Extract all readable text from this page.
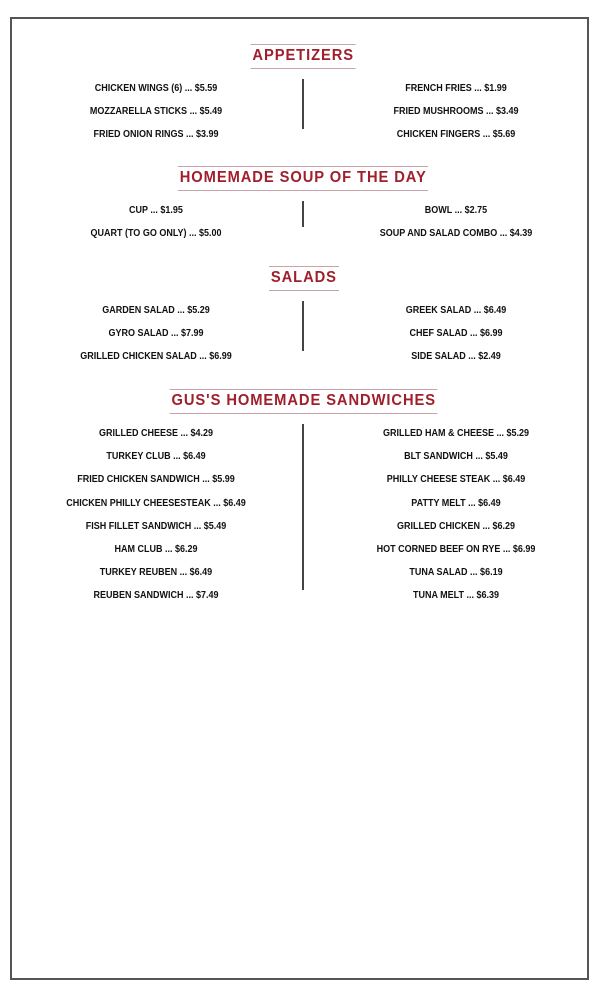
APPETIZERS
CHICKEN WINGS (6) ... $5.59
MOZZARELLA STICKS ... $5.49
FRIED ONION RINGS ... $3.99
FRENCH FRIES ... $1.99
FRIED MUSHROOMS ... $3.49
CHICKEN FINGERS ... $5.69
HOMEMADE SOUP OF THE DAY
CUP ... $1.95
QUART (TO GO ONLY) ... $5.00
BOWL ... $2.75
SOUP AND SALAD COMBO ... $4.39
SALADS
GARDEN SALAD ... $5.29
GYRO SALAD ... $7.99
GRILLED CHICKEN SALAD ... $6.99
GREEK SALAD ... $6.49
CHEF SALAD ... $6.99
SIDE SALAD ... $2.49
GUS'S HOMEMADE SANDWICHES
GRILLED CHEESE ... $4.29
TURKEY CLUB ... $6.49
FRIED CHICKEN SANDWICH ... $5.99
CHICKEN PHILLY CHEESESTEAK ... $6.49
FISH FILLET SANDWICH ... $5.49
HAM CLUB ... $6.29
TURKEY REUBEN ... $6.49
REUBEN SANDWICH ... $7.49
GRILLED HAM & CHEESE ... $5.29
BLT SANDWICH ... $5.49
PHILLY CHEESE STEAK ... $6.49
PATTY MELT ... $6.49
GRILLED CHICKEN ... $6.29
HOT CORNED BEEF ON RYE ... $6.99
TUNA SALAD ... $6.19
TUNA MELT ... $6.39
